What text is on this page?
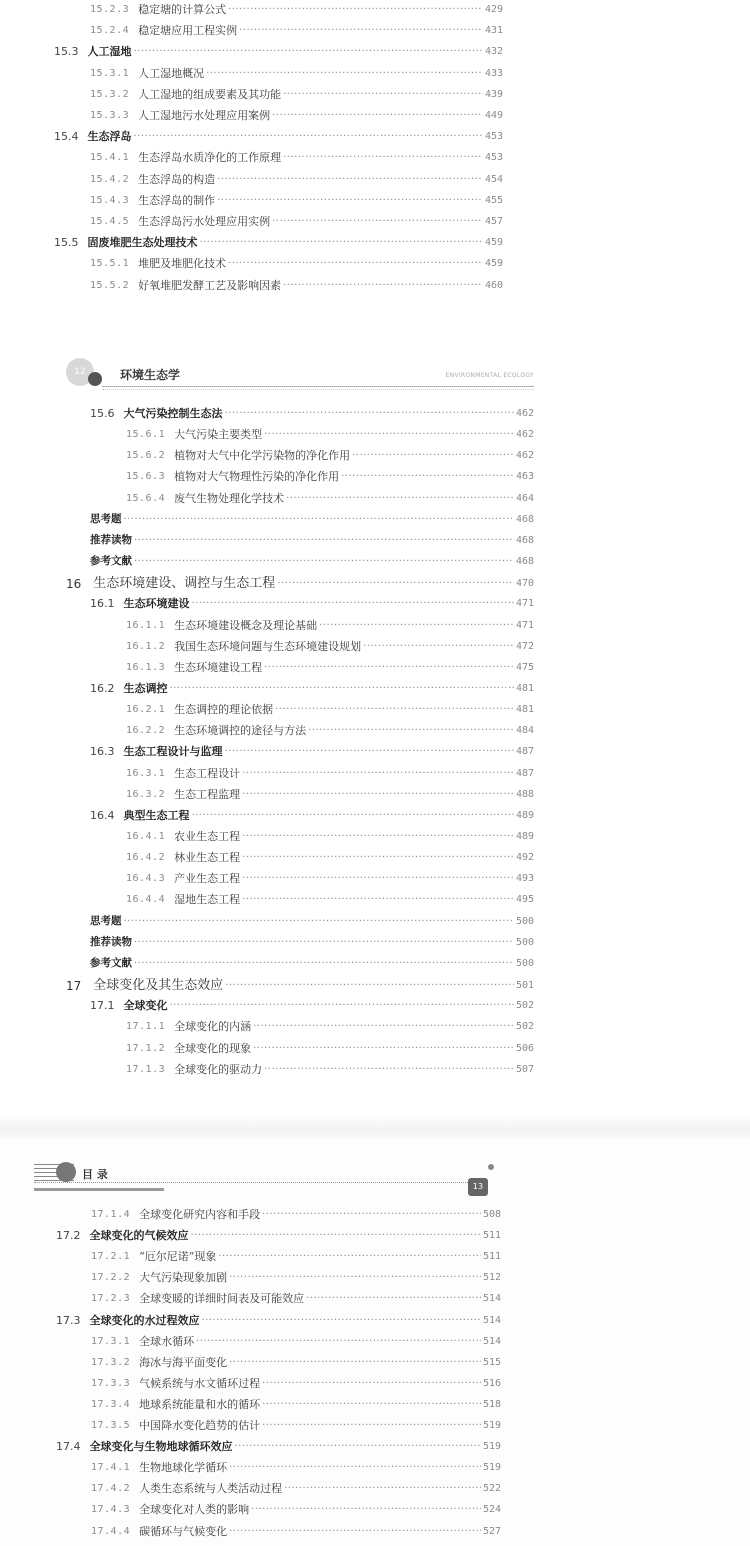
12	环境生态学	ENVIRONMENTAL ECOLOGY
目 录
13
15.2.3 稳定塘的计算公式 ·····	429
15.2.4 稳定塘应用工程实例 ·····	431
15.3 人工湿地 ·····	432
15.3.1 人工湿地概况 ·····	433
15.3.2 人工湿地的组成要素及其功能 ·····	439
15.3.3 人工湿地污水处理应用案例 ·····	449
15.4 生态浮岛 ·····	453
15.4.1 生态浮岛水质净化的工作原理 ·····	453
15.4.2 生态浮岛的构造 ·····	454
15.4.3 生态浮岛的制作 ·····	455
15.4.5 生态浮岛污水处理应用实例 ·····	457
15.5 固废堆肥生态处理技术 ·····	459
15.5.1 堆肥及堆肥化技术 ·····	459
15.5.2 好氧堆肥发酵工艺及影响因素 ·····	460
15.6 大气污染控制生态法 ·····	462
15.6.1 大气污染主要类型 ·····	462
15.6.2 植物对大气中化学污染物的净化作用 ·····	462
15.6.3 植物对大气物理性污染的净化作用 ·····	463
15.6.4 废气生物处理化学技术 ·····	464
思考题 ·····	468
推荐读物 ·····	468
参考文献 ·····	468
16 生态环境建设、调控与生态工程 ·····	470
16.1 生态环境建设 ·····	471
16.1.1 生态环境建设概念及理论基础 ·····	471
16.1.2 我国生态环境问题与生态环境建设规划 ·····	472
16.1.3 生态环境建设工程 ·····	475
16.2 生态调控 ·····	481
16.2.1 生态调控的理论依据 ·····	481
16.2.2 生态环境调控的途径与方法 ·····	484
16.3 生态工程设计与监理 ·····	487
16.3.1 生态工程设计 ·····	487
16.3.2 生态工程监理 ·····	488
16.4 典型生态工程 ·····	489
16.4.1 农业生态工程 ·····	489
16.4.2 林业生态工程 ·····	492
16.4.3 产业生态工程 ·····	493
16.4.4 湿地生态工程 ·····	495
思考题 ·····	500
推荐读物 ·····	500
参考文献 ·····	500
17 全球变化及其生态效应 ·····	501
17.1 全球变化 ·····	502
17.1.1 全球变化的内涵 ·····	502
17.1.2 全球变化的现象 ·····	506
17.1.3 全球变化的驱动力 ·····	507
17.1.4 全球变化研究内容和手段 ·····	508
17.2 全球变化的气候效应 ·····	511
17.2.1 “厄尔尼诺”现象 ·····	511
17.2.2 大气污染现象加剧 ·····	512
17.2.3 全球变暖的详细时间表及可能效应 ·····	514
17.3 全球变化的水过程效应 ·····	514
17.3.1 全球水循环 ·····	514
17.3.2 海冰与海平面变化 ·····	515
17.3.3 气候系统与水文循环过程 ·····	516
17.3.4 地球系统能量和水的循环 ·····	518
17.3.5 中国降水变化趋势的估计 ·····	519
17.4 全球变化与生物地球循环效应 ·····	519
17.4.1 生物地球化学循环 ·····	519
17.4.2 人类生态系统与人类活动过程 ·····	522
17.4.3 全球变化对人类的影响 ·····	524
17.4.4 碳循环与气候变化 ·····	527
